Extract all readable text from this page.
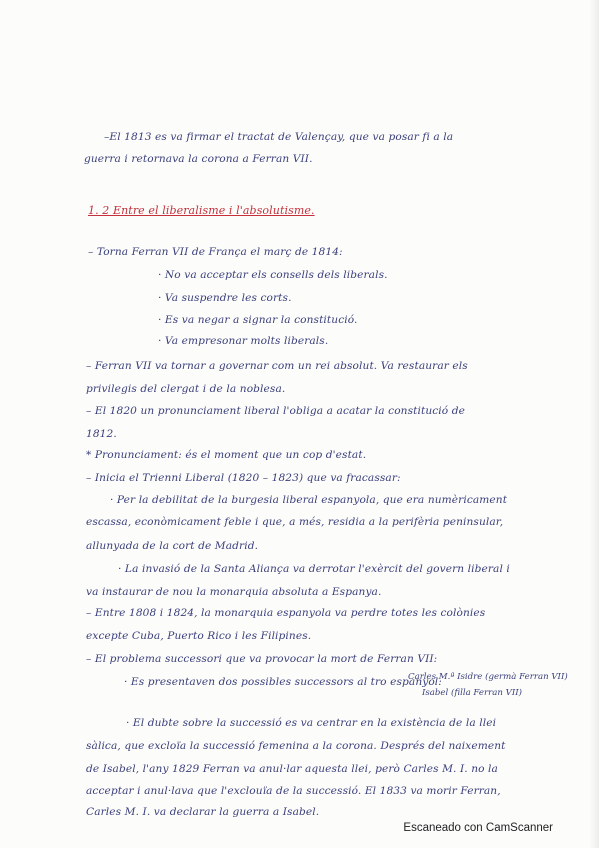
–El 1813 es va firmar el tractat de Valençay, que va posar fi a la
guerra i retornava la corona a Ferran VII.
1. 2 Entre el liberalisme i l'absolutisme.
– Torna Ferran VII de França el març de 1814:
· No va acceptar els consells dels liberals.
· Va suspendre les corts.
· Es va negar a signar la constitució.
· Va empresonar molts liberals.
– Ferran VII va tornar a governar com un rei absolut. Va restaurar els
privilegis del clergat i de la noblesa.
– El 1820 un pronunciament liberal l'obliga a acatar la constitució de
1812.
* Pronunciament: és el moment que un cop d'estat.
– Inicia el Trienni Liberal (1820 – 1823) que va fracassar:
· Per la debilitat de la burgesia liberal espanyola, que era numèricament
escassa, econòmicament feble i que, a més, residia a la perifèria peninsular,
allunyada de la cort de Madrid.
· La invasió de la Santa Aliança va derrotar l'exèrcit del govern liberal i
va instaurar de nou la monarquia absoluta a Espanya.
– Entre 1808 i 1824, la monarquia espanyola va perdre totes les colònies
excepte Cuba, Puerto Rico i les Filipines.
– El problema successori que va provocar la mort de Ferran VII:
· Es presentaven dos possibles successors al tro espanyol:
Carles M.ª Isidre (germà Ferran VII)
Isabel (filla Ferran VII)
· El dubte sobre la successió es va centrar en la existència de la llei
sàlica, que excloïa la successió femenina a la corona. Després del naixement
de Isabel, l'any 1829 Ferran va anul·lar aquesta llei, però Carles M. I. no la
acceptar i anul·lava que l'exclouïa de la successió. El 1833 va morir Ferran,
Carles M. I. va declarar la guerra a Isabel.
Escaneado con CamScanner
